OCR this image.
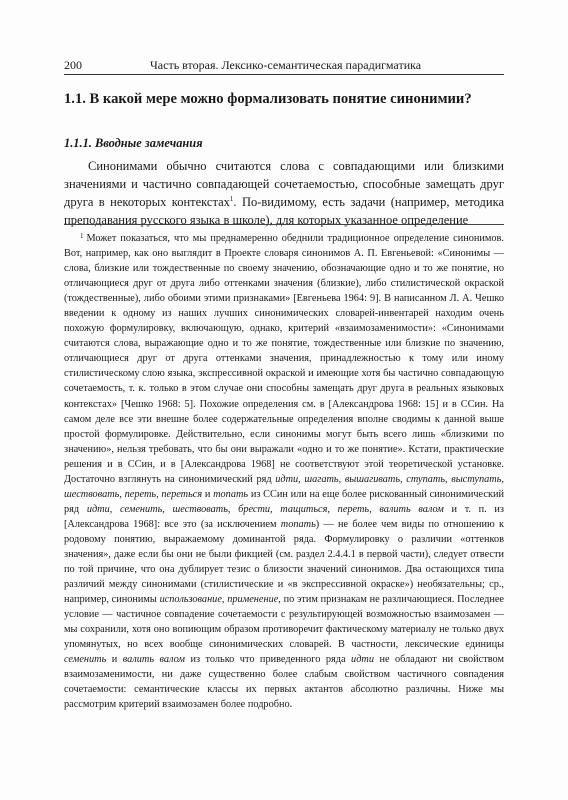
200	Часть вторая. Лексико-семантическая парадигматика
1.1. В какой мере можно формализовать понятие синонимии?
1.1.1. Вводные замечания

Синонимами обычно считаются слова с совпадающими или близкими значениями и частично совпадающей сочетаемостью, способные замещать друг друга в некоторых контекстах$^1$. По-видимому, есть задачи (например, методика преподавания русского языка в школе), для которых указанное определение

$^1$ Может показаться, что мы преднамеренно обеднили традиционное определение синонимов. Вот, например, как оно выглядит в Проекте словаря синонимов А. П. Евгеньевой: «Синонимы — слова, близкие или тождественные по своему значению, обозначающие одно и то же понятие, но отличающиеся друг от друга либо оттенками значения (близкие), либо стилистической окраской (тождественные), либо обоими этими признаками» [Евгеньева 1964: 9]. В написанном Л. А. Чешко введении к одному из наших лучших синонимических словарей-инвентарей находим очень похожую формулировку, включающую, однако, критерий «взаимозаменимости»: «Синонимами считаются слова, выражающие одно и то же понятие, тождественные или близкие по значению, отличающиеся друг от друга оттенками значения, принадлежностью к тому или иному стилистическому слою языка, экспрессивной окраской и имеющие хотя бы частично совпадающую сочетаемость, т. к. только в этом случае они способны замещать друг друга в реальных языковых контекстах» [Чешко 1968: 5]. Похожие определения см. в [Александрова 1968: 15] и в ССин. На самом деле все эти внешне более содержательные определения вполне сводимы к данной выше простой формулировке. Действительно, если синонимы могут быть всего лишь «близкими по значению», нельзя требовать, что бы они выражали «одно и то же понятие». Кстати, практические решения и в ССин, и в [Александрова 1968] не соответствуют этой теоретической установке. Достаточно взглянуть на синонимический ряд идти, шагать, вышагивать, ступать, выступать, шествовать, переть, переться и топать из ССин или на еще более рискованный синонимический ряд идти, семенить, шествовать, брести, тащиться, переть, валить валом и т. п. из [Александрова 1968]: все это (за исключением топать) — не более чем виды по отношению к родовому понятию, выражаемому доминантой ряда. Формулировку о различии «оттенков значения», даже если бы они не были фикцией (см. раздел 2.4.4.1 в первой части), следует отвести по той причине, что она дублирует тезис о близости значений синонимов. Два остающихся типа различий между синонимами (стилистические и «в экспрессивной окраске») необязательны; ср., например, синонимы использование, применение, по этим признакам не различающиеся. Последнее условие — частичное совпадение сочетаемости с результирующей возможностью взаимозамен — мы сохранили, хотя оно вопиющим образом противоречит фактическому материалу не только двух упомянутых, но всех вообще синонимических словарей. В частности, лексические единицы семенить и валить валом из только что приведенного ряда идти не обладают ни свойством взаимозаменимости, ни даже существенно более слабым свойством частичного совпадения сочетаемости: семантические классы их первых актантов абсолютно различны. Ниже мы рассмотрим критерий взаимозамен более подробно.
